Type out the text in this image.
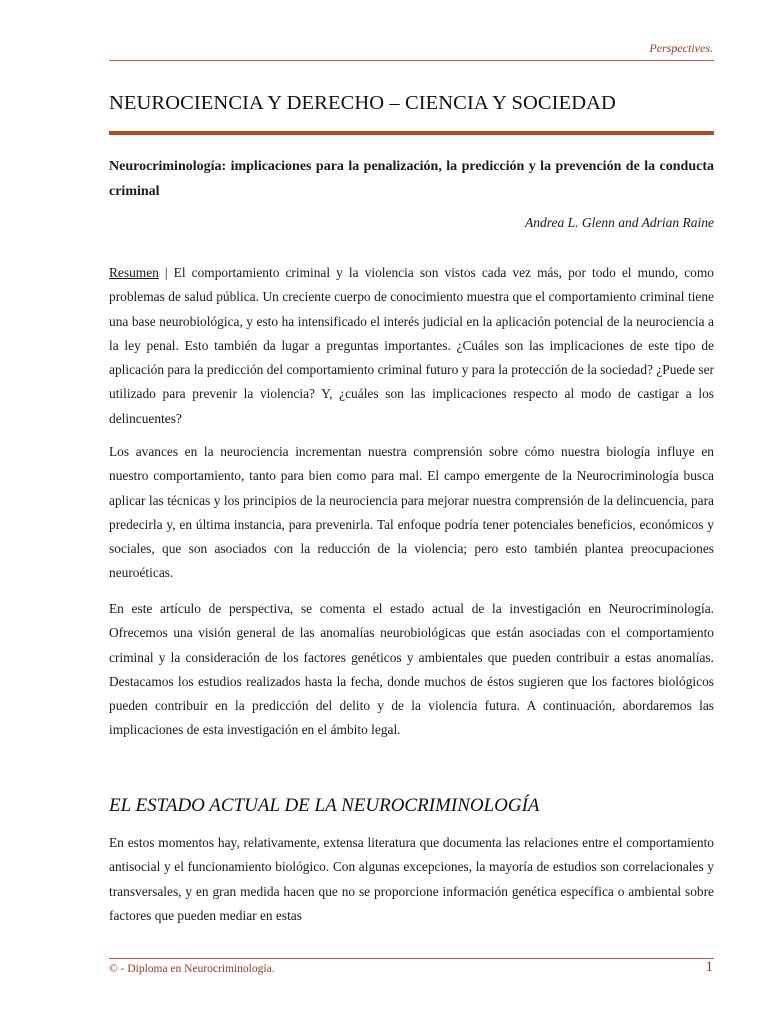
Perspectives.
NEUROCIENCIA Y DERECHO – CIENCIA Y SOCIEDAD
Neurocriminología: implicaciones para la penalización, la predicción y la prevención de la conducta criminal
Andrea L. Glenn and Adrian Raine

Resumen | El comportamiento criminal y la violencia son vistos cada vez más, por todo el mundo, como problemas de salud pública. Un creciente cuerpo de conocimiento muestra que el comportamiento criminal tiene una base neurobiológica, y esto ha intensificado el interés judicial en la aplicación potencial de la neurociencia a la ley penal. Esto también da lugar a preguntas importantes. ¿Cuáles son las implicaciones de este tipo de aplicación para la predicción del comportamiento criminal futuro y para la protección de la sociedad? ¿Puede ser utilizado para prevenir la violencia? Y, ¿cuáles son las implicaciones respecto al modo de castigar a los delincuentes?

Los avances en la neurociencia incrementan nuestra comprensión sobre cómo nuestra biología influye en nuestro comportamiento, tanto para bien como para mal. El campo emergente de la Neurocriminología busca aplicar las técnicas y los principios de la neurociencia para mejorar nuestra comprensión de la delincuencia, para predecirla y, en última instancia, para prevenirla. Tal enfoque podría tener potenciales beneficios, económicos y sociales, que son asociados con la reducción de la violencia; pero esto también plantea preocupaciones neuroéticas.

En este artículo de perspectiva, se comenta el estado actual de la investigación en Neurocriminología. Ofrecemos una visión general de las anomalías neurobiológicas que están asociadas con el comportamiento criminal y la consideración de los factores genéticos y ambientales que pueden contribuir a estas anomalías. Destacamos los estudios realizados hasta la fecha, donde muchos de éstos sugieren que los factores biológicos pueden contribuir en la predicción del delito y de la violencia futura. A continuación, abordaremos las implicaciones de esta investigación en el ámbito legal.

EL ESTADO ACTUAL DE LA NEUROCRIMINOLOGÍA

En estos momentos hay, relativamente, extensa literatura que documenta las relaciones entre el comportamiento antisocial y el funcionamiento biológico. Con algunas excepciones, la mayoría de estudios son correlacionales y transversales, y en gran medida hacen que no se proporcione información genética específica o ambiental sobre factores que pueden mediar en estas

© - Diploma en Neurocriminología.	1
